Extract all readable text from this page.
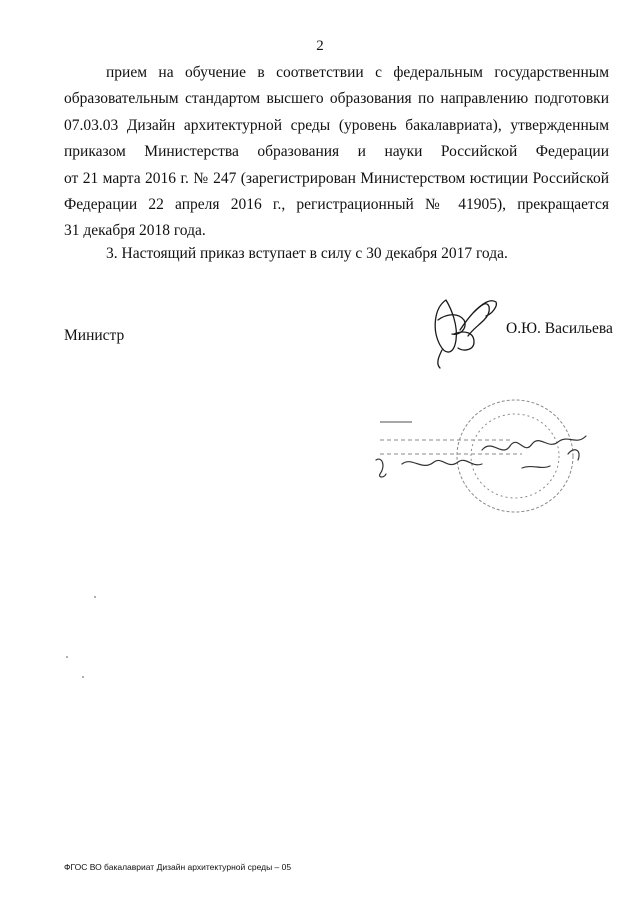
2
прием на обучение в соответствии с федеральным государственным
образовательным стандартом высшего образования по направлению подготовки
07.03.03 Дизайн архитектурной среды (уровень бакалавриата), утвержденным
приказом Министерства образования и науки Российской Федерации
от 21 марта 2016 г. № 247 (зарегистрирован Министерством юстиции Российской
Федерации 22 апреля 2016 г., регистрационный № 41905), прекращается
31 декабря 2018 года.
3. Настоящий приказ вступает в силу с 30 декабря 2017 года.
Министр	О.Ю. Васильева
ФГОС ВО бакалавриат Дизайн архитектурной среды – 05
